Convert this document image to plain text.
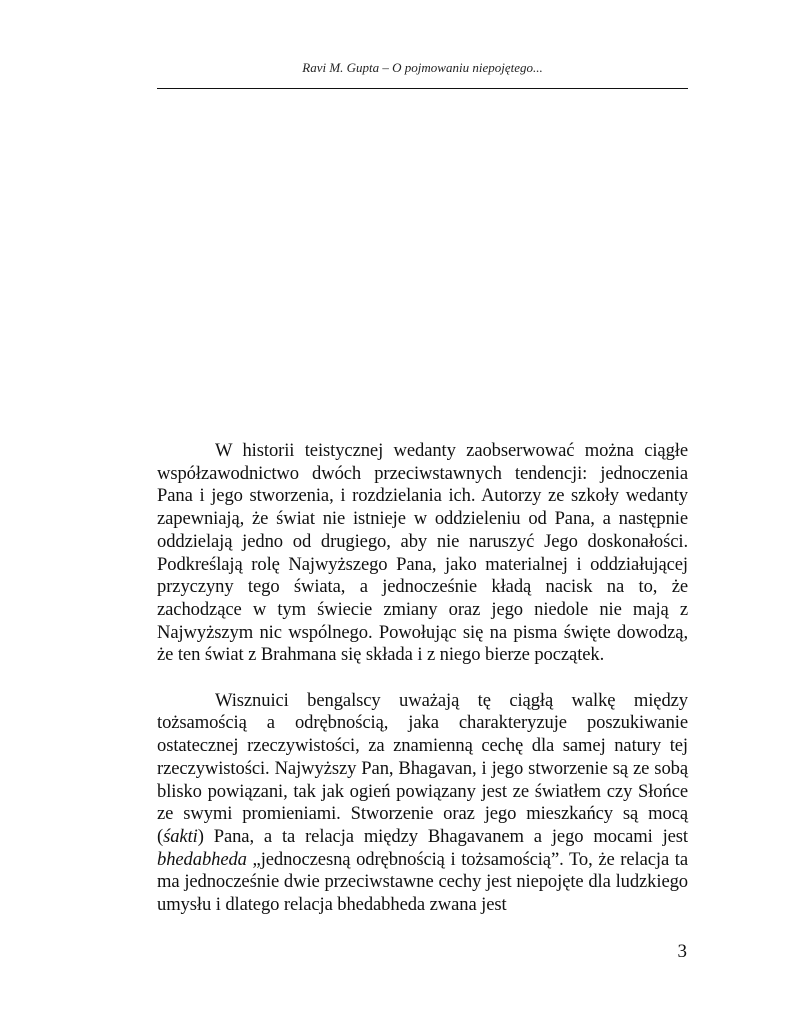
Ravi M. Gupta – O pojmowaniu niepojętego...

W historii teistycznej wedanty zaobserwować można ciągłe współzawodnictwo dwóch przeciwstawnych tendencji: jednoczenia Pana i jego stworzenia, i rozdzielania ich. Autorzy ze szkoły wedanty zapewniają, że świat nie istnieje w oddzieleniu od Pana, a następnie oddzielają jedno od drugiego, aby nie naruszyć Jego doskonałości. Podkreślają rolę Najwyższego Pana, jako materialnej i oddziałującej przyczyny tego świata, a jednocześnie kładą nacisk na to, że zachodzące w tym świecie zmiany oraz jego niedole nie mają z Najwyższym nic wspólnego. Powołując się na pisma święte dowodzą, że ten świat z Brahmana się składa i z niego bierze początek.

Wisznuici bengalscy uważają tę ciągłą walkę między tożsamością a odrębnością, jaka charakteryzuje poszukiwanie ostatecznej rzeczywistości, za znamienną cechę dla samej natury tej rzeczywistości. Najwyższy Pan, Bhagavan, i jego stworzenie są ze sobą blisko powiązani, tak jak ogień powiązany jest ze światłem czy Słońce ze swymi promieniami. Stworzenie oraz jego mieszkańcy są mocą (śakti) Pana, a ta relacja między Bhagavanem a jego mocami jest bhedabheda „jednoczesną odrębnością i tożsamością”. To, że relacja ta ma jednocześnie dwie przeciwstawne cechy jest niepojęte dla ludzkiego umysłu i dlatego relacja bhedabheda zwana jest

3
